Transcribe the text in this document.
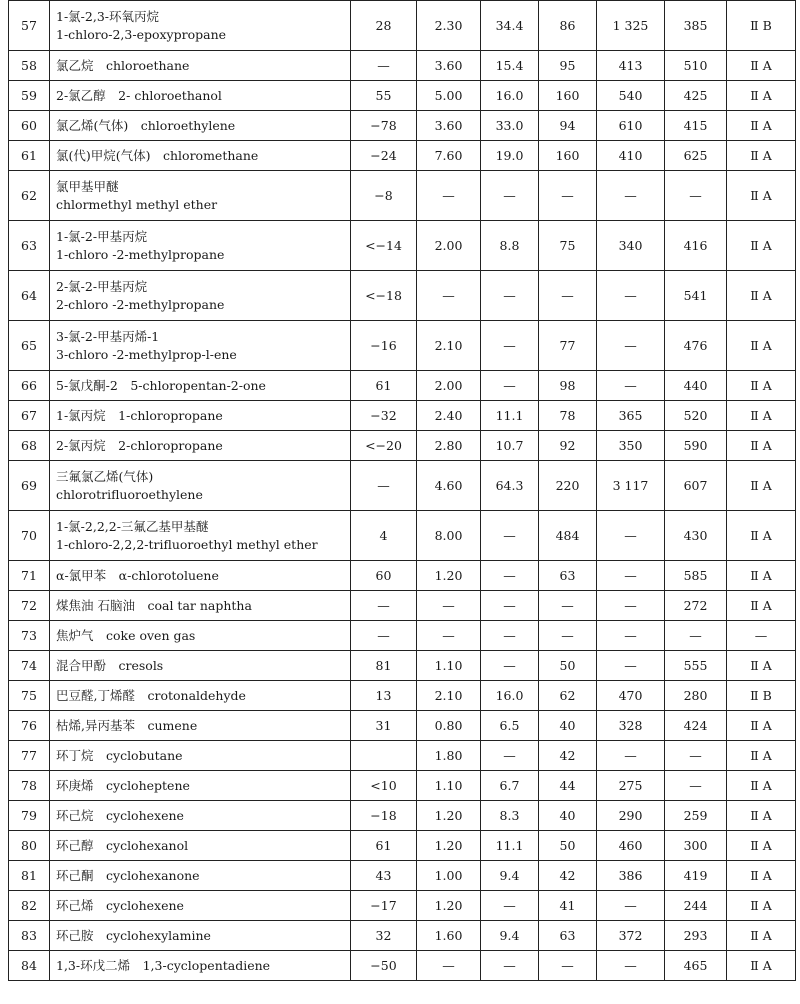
57	1-氯-2,3-环氧丙烷
1-chloro-2,3-epoxypropane	28	2.30	34.4	86	1 325	385	Ⅱ B
58	氯乙烷　chloroethane	—	3.60	15.4	95	413	510	Ⅱ A
59	2-氯乙醇　2- chloroethanol	55	5.00	16.0	160	540	425	Ⅱ A
60	氯乙烯(气体)　chloroethylene	−78	3.60	33.0	94	610	415	Ⅱ A
61	氯(代)甲烷(气体)　chloromethane	−24	7.60	19.0	160	410	625	Ⅱ A
62	氯甲基甲醚
chlormethyl methyl ether	−8	—	—	—	—	—	Ⅱ A
63	1-氯-2-甲基丙烷
1-chloro -2-methylpropane	<−14	2.00	8.8	75	340	416	Ⅱ A
64	2-氯-2-甲基丙烷
2-chloro -2-methylpropane	<−18	—	—	—	—	541	Ⅱ A
65	3-氯-2-甲基丙烯-1
3-chloro -2-methylprop-l-ene	−16	2.10	—	77	—	476	Ⅱ A
66	5-氯戊酮-2　5-chloropentan-2-one	61	2.00	—	98	—	440	Ⅱ A
67	1-氯丙烷　1-chloropropane	−32	2.40	11.1	78	365	520	Ⅱ A
68	2-氯丙烷　2-chloropropane	<−20	2.80	10.7	92	350	590	Ⅱ A
69	三氟氯乙烯(气体)
chlorotrifluoroethylene	—	4.60	64.3	220	3 117	607	Ⅱ A
70	1-氯-2,2,2-三氟乙基甲基醚
1-chloro-2,2,2-trifluoroethyl methyl ether	4	8.00	—	484	—	430	Ⅱ A
71	α-氯甲苯　α-chlorotoluene	60	1.20	—	63	—	585	Ⅱ A
72	煤焦油 石脑油　coal tar naphtha	—	—	—	—	—	272	Ⅱ A
73	焦炉气　coke oven gas	—	—	—	—	—	—	—
74	混合甲酚　cresols	81	1.10	—	50	—	555	Ⅱ A
75	巴豆醛,丁烯醛　crotonaldehyde	13	2.10	16.0	62	470	280	Ⅱ B
76	枯烯,异丙基苯　cumene	31	0.80	6.5	40	328	424	Ⅱ A
77	环丁烷　cyclobutane		1.80	—	42	—	—	Ⅱ A
78	环庚烯　cycloheptene	<10	1.10	6.7	44	275	—	Ⅱ A
79	环己烷　cyclohexene	−18	1.20	8.3	40	290	259	Ⅱ A
80	环己醇　cyclohexanol	61	1.20	11.1	50	460	300	Ⅱ A
81	环己酮　cyclohexanone	43	1.00	9.4	42	386	419	Ⅱ A
82	环己烯　cyclohexene	−17	1.20	—	41	—	244	Ⅱ A
83	环己胺　cyclohexylamine	32	1.60	9.4	63	372	293	Ⅱ A
84	1,3-环戊二烯　1,3-cyclopentadiene	−50	—	—	—	—	465	Ⅱ A
